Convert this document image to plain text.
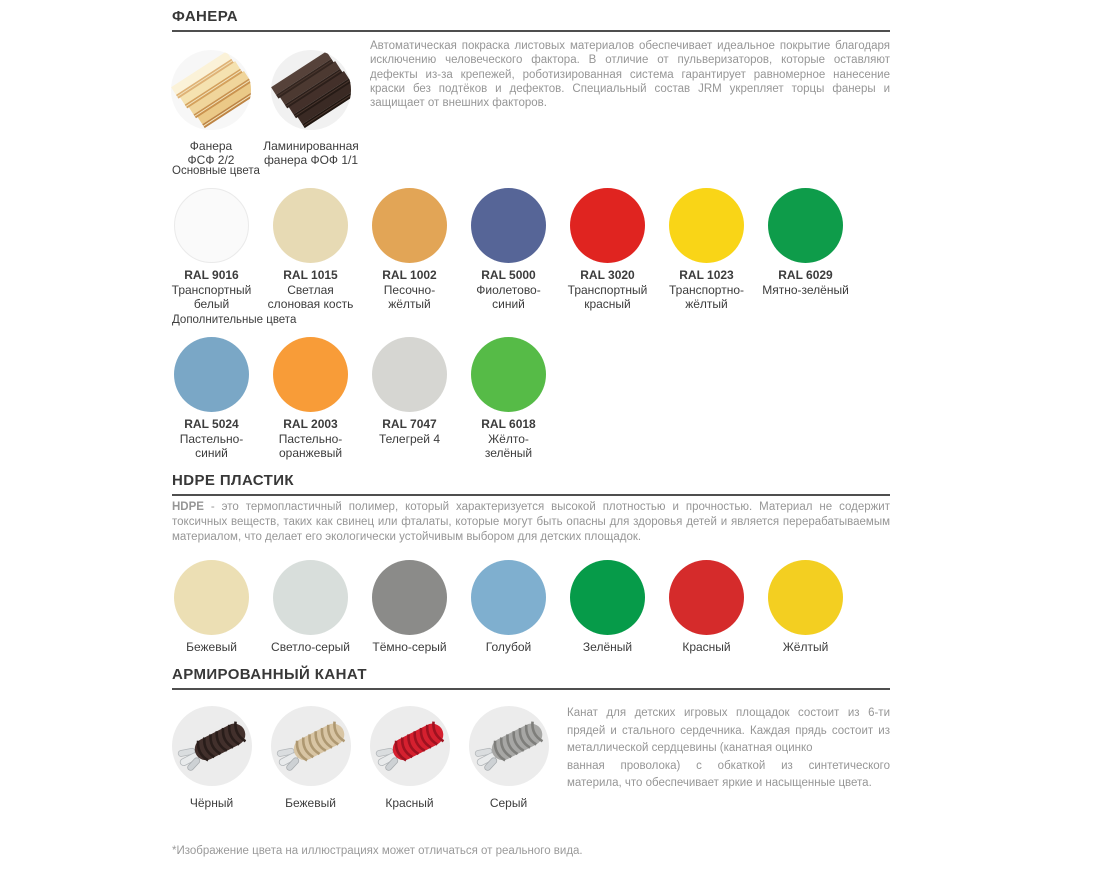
ФАНЕРА
Фанера
ФСФ 2/2
Ламинированная
фанера ФОФ 1/1
Автоматическая покраска листовых материалов обеспечивает идеальное покрытие благодаря исключению человеческого фактора. В отличие от пульверизаторов, которые оставляют дефекты из-за крепежей, роботизированная система гарантирует равномерное нанесение краски без подтёков и дефектов. Специальный состав JRM укрепляет торцы фанеры и защищает от внешних факторов.
Основные цвета
RAL 9016
Транспортный
белый
RAL 1015
Светлая
слоновая кость
RAL 1002
Песочно-
жёлтый
RAL 5000
Фиолетово-
синий
RAL 3020
Транспортный
красный
RAL 1023
Транспортно-
жёлтый
RAL 6029
Мятно-зелёный
Дополнительные цвета
RAL 5024
Пастельно-
синий
RAL 2003
Пастельно-
оранжевый
RAL 7047
Телегрей 4
RAL 6018
Жёлто-
зелёный
HDPE ПЛАСТИК
HDPE - это термопластичный полимер, который характеризуется высокой плотностью и прочностью. Материал не содержит токсичных веществ, таких как свинец или фталаты, которые могут быть опасны для здоровья детей и является перерабатываемым материалом, что делает его экологически устойчивым выбором для детских площадок.
Бежевый	Светло-серый Тёмно-серый	Голубой	Зелёный	Красный	Жёлтый
АРМИРОВАННЫЙ КАНАТ
Чёрный	Бежевый	Красный	Серый
Канат для детских игровых площадок состоит из 6-ти
прядей и стального сердечника. Каждая прядь состоит из
металлической сердцевины (канатная оцинко
ванная проволока) с обкаткой из синтетического
материла, что обеспечивает яркие и насыщенные цвета.
*Изображение цвета на иллюстрациях может отличаться от реального вида.
